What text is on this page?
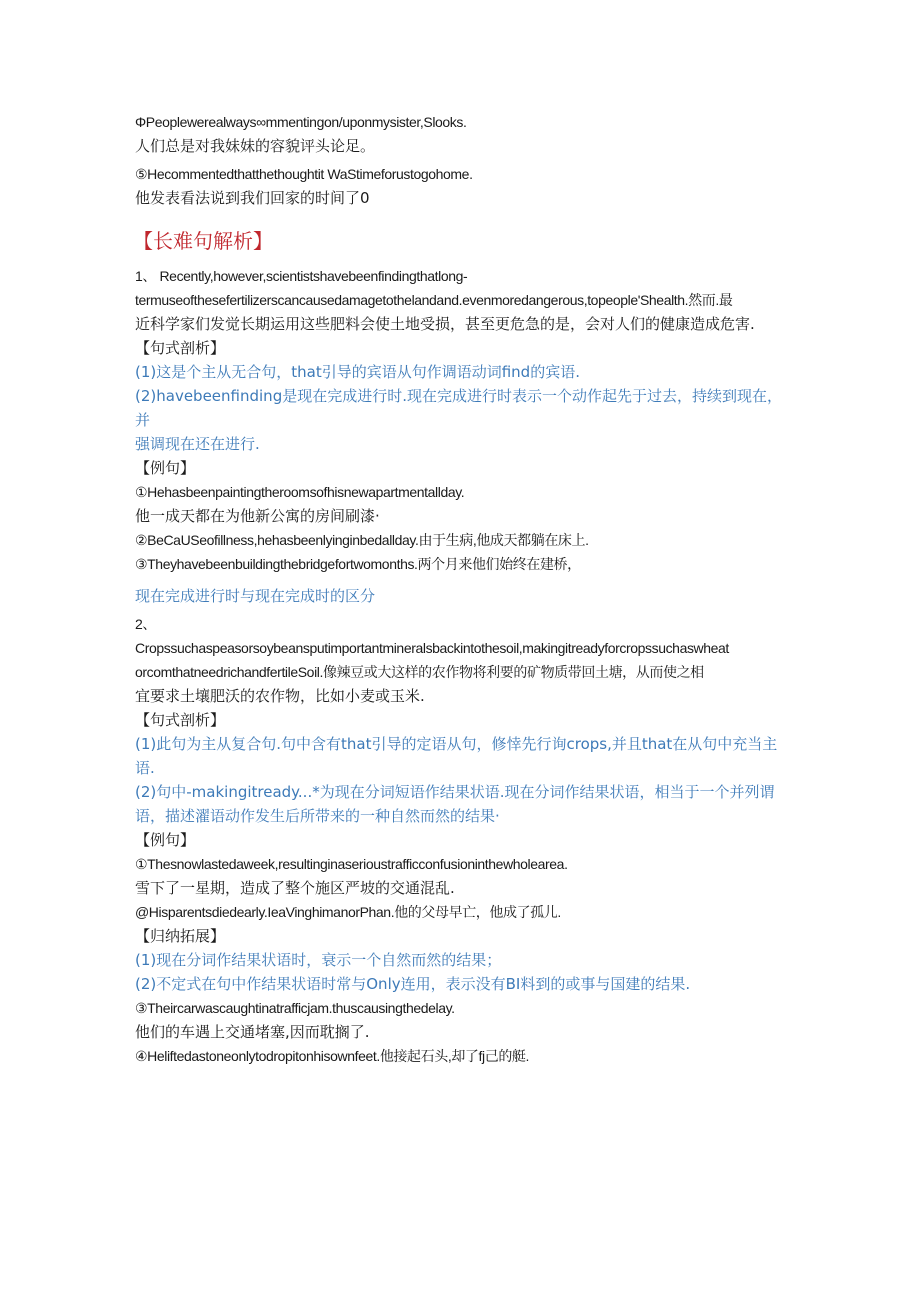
ΦPeoplewerealways∞mmentingon/uponmysister,Slooks.

人们总是对我妹妹的容貌评头论足。

⑤Hecommentedthatthethoughtit WaStimeforustogohome.

他发表看法说到我们回家的时间了0

【长难句解析】

1、 Recently,however,scientistshavebeenfindingthatlong-

termuseofthesefertilizerscancausedamagetothelandand.evenmoredangerous,topeople'Shealth.然而.最

近科学家们发觉长期运用这些肥料会使土地受损，甚至更危急的是，会对人们的健康造成危害.

【句式剖析】

(1)这是个主从无合句，that引导的宾语从句作调语动词find的宾语.

(2)havebeenfinding是现在完成进行时.现在完成进行时表示一个动作起先于过去，持续到现在，并

强调现在还在进行.

【例句】

①Hehasbeenpaintingtheroomsofhisnewapartmentallday.

他一成天都在为他新公寓的房间刷漆·

②BeCaUSeofillness,hehasbeenlyinginbedallday.由于生病,他成天都躺在床上.

③Theyhavebeenbuildingthebridgefortwomonths.两个月来他们始终在建桥，

现在完成进行时与现在完成时的区分

2、

Cropssuchaspeasorsoybeansputimportantmineralsbackintothesoil,makingitreadyforcropssuchaswheat

orcomthatneedrichandfertileSoil.像辣豆或大这样的农作物将利要的矿物质带回土塘，从而使之相

宜要求土壤肥沃的农作物，比如小麦或玉米.

【句式剖析】

(1)此句为主从复合句.句中含有that引导的定语从句，修悻先行询crops,并且that在从句中充当主

语.

(2)句中-makingitready...*为现在分词短语作结果状语.现在分词作结果状语，相当于一个并列谓

语，描述濯语动作发生后所带来的一种自然而然的结果·

【例句】

①Thesnowlastedaweek,resultinginaserioustrafficconfusioninthewholearea.

雪下了一星期，造成了整个施区严坡的交通混乱.

@Hisparentsdiedearly.IeaVinghimanorPhan.他的父母早亡，他成了孤儿.

【归纳拓展】

(1)现在分词作结果状语时，衰示一个自然而然的结果；

(2)不定式在句中作结果状语时常与Only连用，表示没有BI料到的或事与国建的结果.

③Theircarwascaughtinatrafficjam.thuscausingthedelay.

他们的车遇上交通堵塞,因而耽搁了.

④Heliftedastoneonlytodropitonhisownfeet.他接起石头,却了fj己的艇.
